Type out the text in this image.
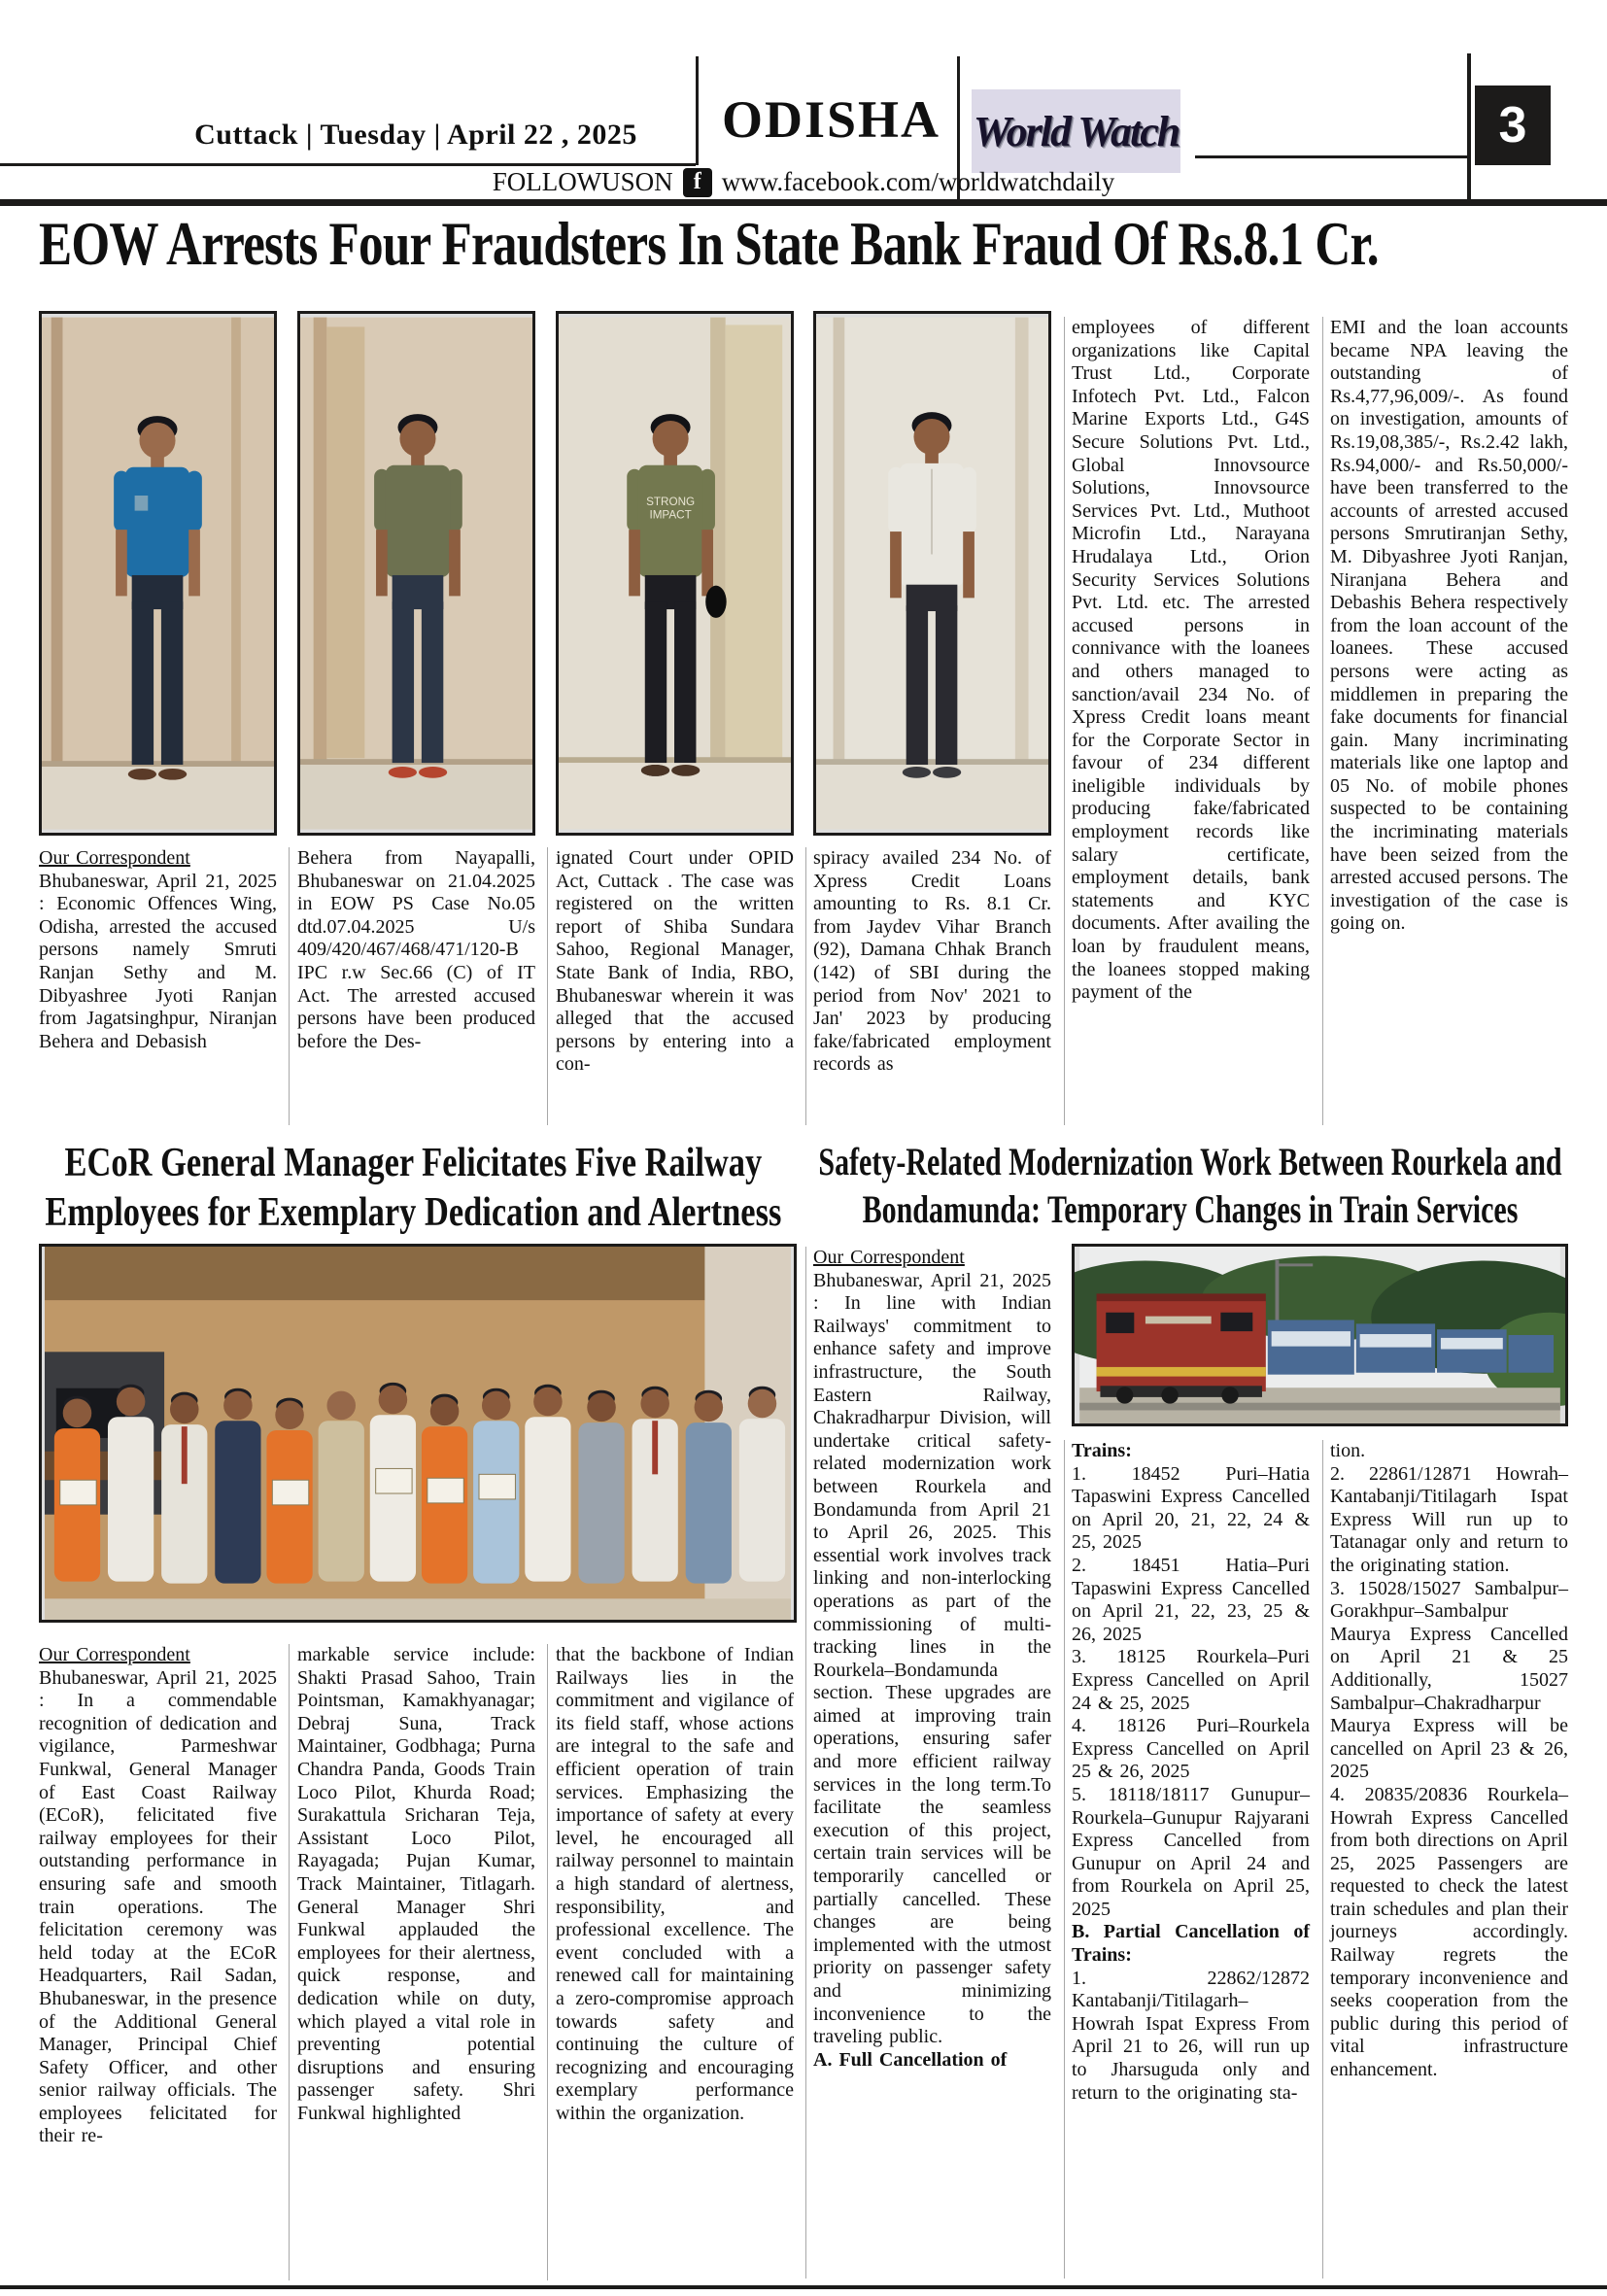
Cuttack | Tuesday | April 22 , 2025	ODISHA World Watch	3
FOLLOWUSON f www.facebook.com/worldwatchdaily
EOW Arrests Four Fraudsters In State Bank Fraud Of Rs.8.1 Cr.
STRONG
IMPACT

Our Correspondent

Bhubaneswar, April 21, 2025 : Economic Offences Wing, Odisha, arrested the accused persons namely Smruti Ranjan Sethy and M. Dibyashree Jyoti Ranjan from Jagatsinghpur, Niranjan Behera and Debasish

Behera from Nayapalli, Bhubaneswar on 21.04.2025 in EOW PS Case No.05 dtd.07.04.2025 U/s 409/420/467/468/471/120-B IPC r.w Sec.66 (C) of IT Act. The arrested accused persons have been produced before the Des-

ignated Court under OPID Act, Cuttack . The case was registered on the written report of Shiba Sundara Sahoo, Regional Manager, State Bank of India, RBO, Bhubaneswar wherein it was alleged that the accused persons by entering into a con-

spiracy availed 234 No. of Xpress Credit Loans amounting to Rs. 8.1 Cr. from Jaydev Vihar Branch (92), Damana Chhak Branch (142) of SBI during the period from Nov' 2021 to Jan' 2023 by producing fake/fabricated employment records as

employees of different organizations like Capital Trust Ltd., Corporate Infotech Pvt. Ltd., Falcon Marine Exports Ltd., G4S Secure Solutions Pvt. Ltd., Global Innovsource Solutions, Innovsource Services Pvt. Ltd., Muthoot Microfin Ltd., Narayana Hrudalaya Ltd., Orion Security Services Solutions Pvt. Ltd. etc. The arrested accused persons in connivance with the loanees and others managed to sanction/avail 234 No. of Xpress Credit loans meant for the Corporate Sector in favour of 234 different ineligible individuals by producing fake/fabricated employment records like salary certificate, employment details, bank statements and KYC documents. After availing the loan by fraudulent means, the loanees stopped making payment of the

EMI and the loan accounts became NPA leaving the outstanding of Rs.4,77,96,009/-. As found on investigation, amounts of Rs.19,08,385/-, Rs.2.42 lakh, Rs.94,000/- and Rs.50,000/- have been transferred to the accounts of arrested accused persons Smrutiranjan Sethy, M. Dibyashree Jyoti Ranjan, Niranjana Behera and Debashis Behera respectively from the loan account of the loanees. These accused persons were acting as middlemen in preparing the fake documents for financial gain. Many incriminating materials like one laptop and 05 No. of mobile phones suspected to be containing the incriminating materials have been seized from the arrested accused persons. The investigation of the case is going on.

ECoR General Manager Felicitates Five Railway Employees for Exemplary Dedication and Alertness
Safety-Related Modernization Work Between Rourkela and Bondamunda: Temporary Changes in Train Services

Our Correspondent

Bhubaneswar, April 21, 2025 : In a commendable recognition of dedication and vigilance, Parmeshwar Funkwal, General Manager of East Coast Railway (ECoR), felicitated five railway employees for their outstanding performance in ensuring safe and smooth train operations. The felicitation ceremony was held today at the ECoR Headquarters, Rail Sadan, Bhubaneswar, in the presence of the Additional General Manager, Principal Chief Safety Officer, and other senior railway officials. The employees felicitated for their re-

markable service include: Shakti Prasad Sahoo, Train Pointsman, Kamakhyanagar; Debraj Suna, Track Maintainer, Godbhaga; Purna Chandra Panda, Goods Train Loco Pilot, Khurda Road; Surakattula Sricharan Teja, Assistant Loco Pilot, Rayagada; Pujan Kumar, Track Maintainer, Titlagarh. General Manager Shri Funkwal applauded the employees for their alertness, quick response, and dedication while on duty, which played a vital role in preventing potential disruptions and ensuring passenger safety. Shri Funkwal highlighted

that the backbone of Indian Railways lies in the commitment and vigilance of its field staff, whose actions are integral to the safe and efficient operation of train services. Emphasizing the importance of safety at every level, he encouraged all railway personnel to maintain a high standard of alertness, responsibility, and professional excellence. The event concluded with a renewed call for maintaining a zero-compromise approach towards safety and continuing the culture of recognizing and encouraging exemplary performance within the organization.

Our Correspondent

Bhubaneswar, April 21, 2025 : In line with Indian Railways' commitment to enhance safety and improve infrastructure, the South Eastern Railway, Chakradharpur Division, will undertake critical safety-related modernization work between Rourkela and Bondamunda from April 21 to April 26, 2025. This essential work involves track linking and non-interlocking operations as part of the commissioning of multi-tracking lines in the Rourkela–Bondamunda section. These upgrades are aimed at improving train operations, ensuring safer and more efficient railway services in the long term.To facilitate the seamless execution of this project, certain train services will be temporarily cancelled or partially cancelled. These changes are being implemented with the utmost priority on passenger safety and minimizing inconvenience to the traveling public.

A. Full Cancellation of

Trains:

1. 18452 Puri–Hatia Tapaswini Express Cancelled on April 20, 21, 22, 24 & 25, 2025

2. 18451 Hatia–Puri Tapaswini Express Cancelled on April 21, 22, 23, 25 & 26, 2025

3. 18125 Rourkela–Puri Express Cancelled on April 24 & 25, 2025

4. 18126 Puri–Rourkela Express Cancelled on April 25 & 26, 2025

5. 18118/18117 Gunupur–Rourkela–Gunupur Rajyarani Express Cancelled from Gunupur on April 24 and from Rourkela on April 25, 2025

B. Partial Cancellation of Trains:

1. 22862/12872 Kantabanji/Titilagarh–Howrah Ispat Express From April 21 to 26, will run up to Jharsuguda only and return to the originating sta-

tion.

2. 22861/12871 Howrah–Kantabanji/Titilagarh Ispat Express Will run up to Tatanagar only and return to the originating station.

3. 15028/15027 Sambalpur–Gorakhpur–Sambalpur Maurya Express Cancelled on April 21 & 25 Additionally, 15027 Sambalpur–Chakradharpur Maurya Express will be cancelled on April 23 & 26, 2025

4. 20835/20836 Rourkela–Howrah Express Cancelled from both directions on April 25, 2025 Passengers are requested to check the latest train schedules and plan their journeys accordingly. Railway regrets the temporary inconvenience and seeks cooperation from the public during this period of vital infrastructure enhancement.
